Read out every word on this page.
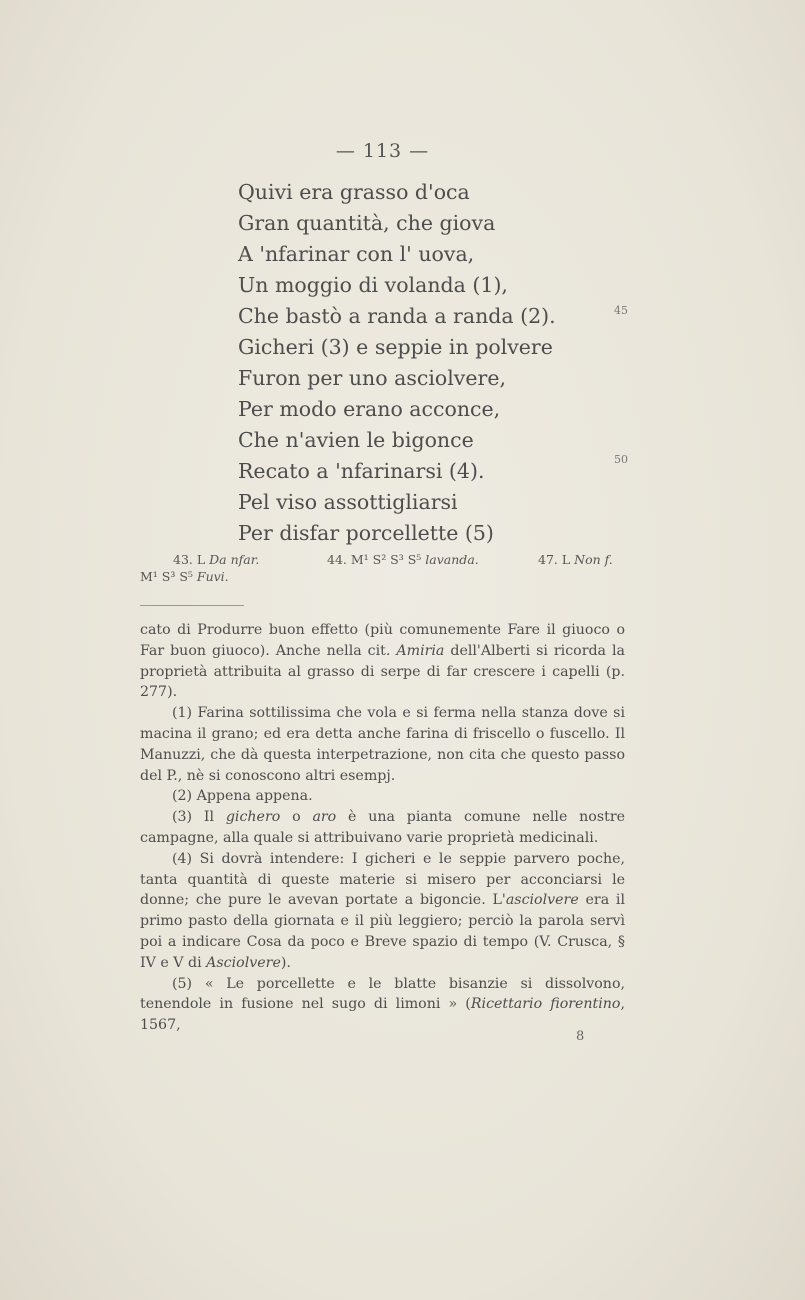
— 113 —
Quivi era grasso d'oca
Gran quantità, che giova
A 'nfarinar con l' uova,
Un moggio di volanda (1),
Che bastò a randa a randa (2).
Gicheri (3) e seppie in polvere
Furon per uno asciolvere,
Per modo erano acconce,
Che n'avien le bigonce
Recato a 'nfarinarsi (4).
Pel viso assottigliarsi
Per disfar porcellette (5)
45
50
43. L Da nfar.	44. M¹ S² S³ S⁵ lavanda.	47. L Non f.
M¹ S³ S⁵ Fuvi.

cato di Produrre buon effetto (più comunemente Fare il giuoco o Far buon giuoco). Anche nella cit. Amiria dell'Alberti si ricorda la proprietà attribuita al grasso di serpe di far crescere i capelli (p. 277).

(1) Farina sottilissima che vola e si ferma nella stanza dove si macina il grano; ed era detta anche farina di friscello o fuscello. Il Manuzzi, che dà questa interpetrazione, non cita che questo passo del P., nè si conoscono altri esempj.

(2) Appena appena.

(3) Il gichero o aro è una pianta comune nelle nostre campagne, alla quale si attribuivano varie proprietà medicinali.

(4) Si dovrà intendere: I gicheri e le seppie parvero poche, tanta quantità di queste materie si misero per acconciarsi le donne; che pure le avevan portate a bigoncie. L'asciolvere era il primo pasto della giornata e il più leggiero; perciò la parola servì poi a indicare Cosa da poco e Breve spazio di tempo (V. Crusca, § IV e V di Asciolvere).

(5) « Le porcellette e le blatte bisanzie si dissolvono, tenendole in fusione nel sugo di limoni » (Ricettario fiorentino, 1567,

8
